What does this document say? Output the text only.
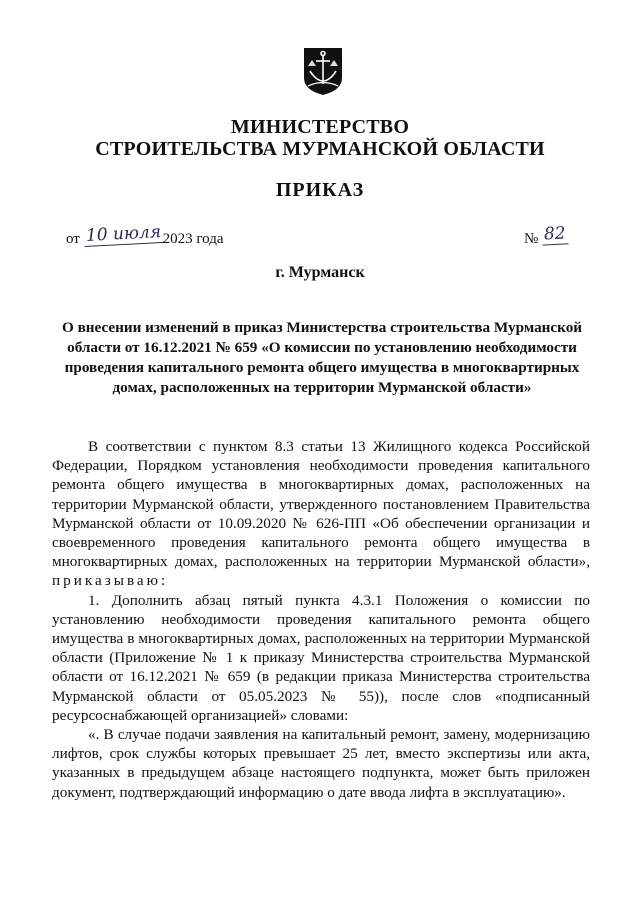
МИНИСТЕРСТВО
СТРОИТЕЛЬСТВА МУРМАНСКОЙ ОБЛАСТИ
ПРИКАЗ
от 10 июля 2023 года	№ 82
г. Мурманск
О внесении изменений в приказ Министерства строительства Мурманской области от 16.12.2021 № 659 «О комиссии по установлению необходимости проведения капитального ремонта общего имущества в многоквартирных домах, расположенных на территории Мурманской области»

В соответствии с пунктом 8.3 статьи 13 Жилищного кодекса Российской Федерации, Порядком установления необходимости проведения капитального ремонта общего имущества в многоквартирных домах, расположенных на территории Мурманской области, утвержденного постановлением Правительства Мурманской области от 10.09.2020 № 626-ПП «Об обеспечении организации и своевременного проведения капитального ремонта общего имущества в многоквартирных домах, расположенных на территории Мурманской области», приказываю:

1. Дополнить абзац пятый пункта 4.3.1 Положения о комиссии по установлению необходимости проведения капитального ремонта общего имущества в многоквартирных домах, расположенных на территории Мурманской области (Приложение № 1 к приказу Министерства строительства Мурманской области от 16.12.2021 № 659 (в редакции приказа Министерства строительства Мурманской области от 05.05.2023 № 55)), после слов «подписанный ресурсоснабжающей организацией» словами:

«. В случае подачи заявления на капитальный ремонт, замену, модернизацию лифтов, срок службы которых превышает 25 лет, вместо экспертизы или акта, указанных в предыдущем абзаце настоящего подпункта, может быть приложен документ, подтверждающий информацию о дате ввода лифта в эксплуатацию».
